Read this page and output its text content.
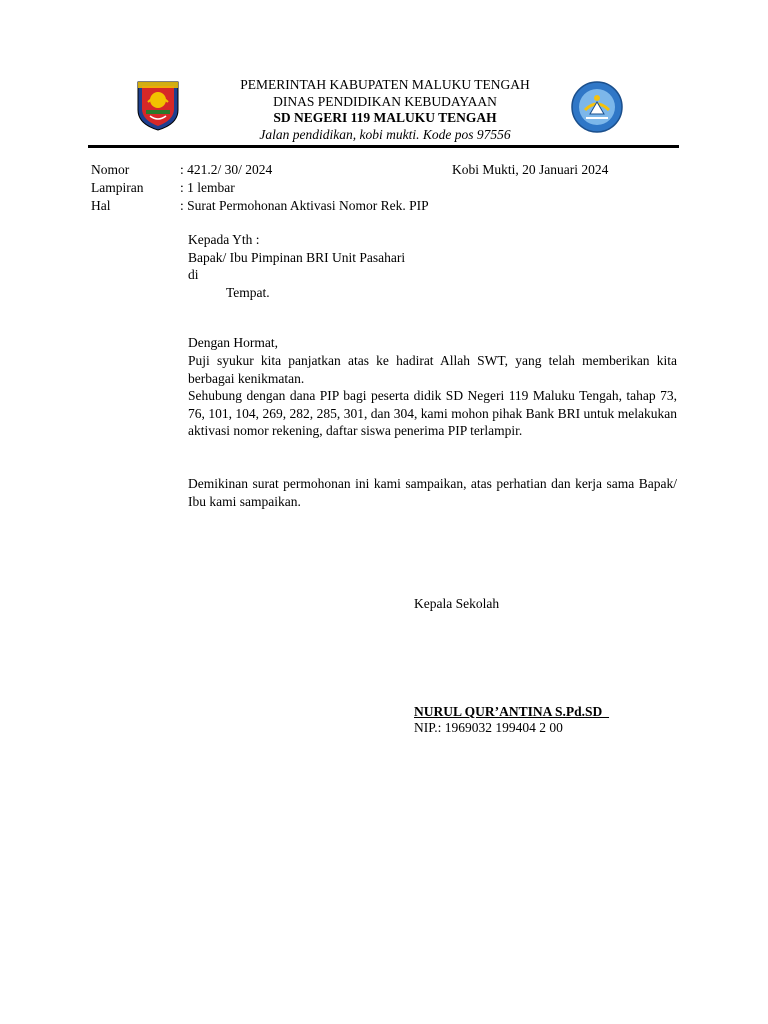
PEMERINTAH KABUPATEN MALUKU TENGAH
DINAS PENDIDIKAN KEBUDAYAAN
SD NEGERI 119 MALUKU TENGAH
Jalan pendidikan, kobi mukti. Kode pos 97556
Nomor	: 421.2/ 30/ 2024	Kobi Mukti, 20 Januari 2024
Lampiran	: 1 lembar
Hal	: Surat Permohonan Aktivasi Nomor Rek. PIP
Kepada Yth :
Bapak/ Ibu Pimpinan BRI Unit Pasahari
di
Tempat.
Dengan Hormat,
Puji syukur kita panjatkan atas ke hadirat Allah SWT, yang telah memberikan kita berbagai kenikmatan.
Sehubung dengan dana PIP bagi peserta didik SD Negeri 119 Maluku Tengah, tahap 73, 76, 101, 104, 269, 282, 285, 301, dan 304, kami mohon pihak Bank BRI untuk melakukan aktivasi nomor rekening, daftar siswa penerima PIP terlampir.
Demikinan surat permohonan ini kami sampaikan, atas perhatian dan kerja sama Bapak/ Ibu kami sampaikan.
Kepala Sekolah
NURUL QUR’ANTINA S.Pd.SD
NIP.: 1969032 199404 2 00
